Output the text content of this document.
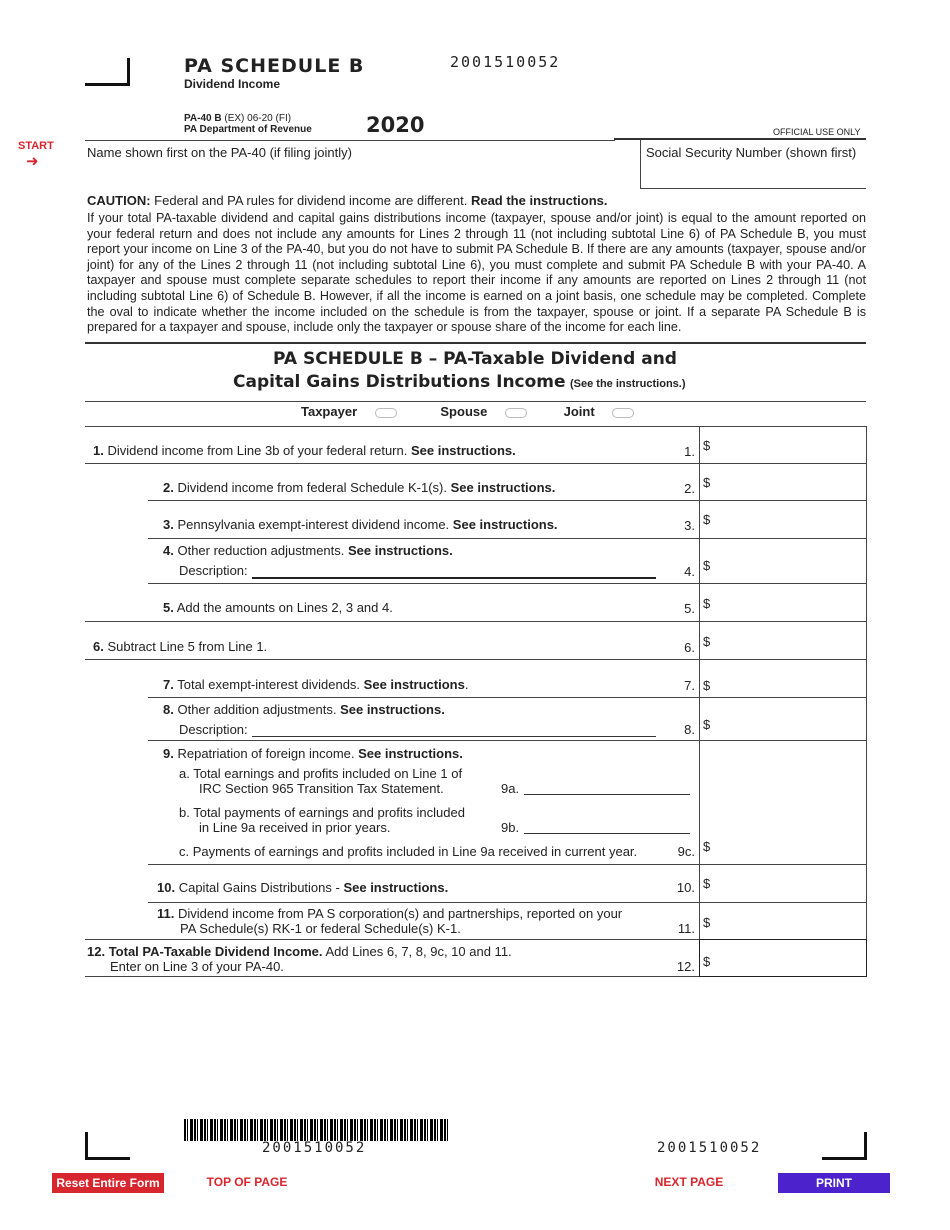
PA SCHEDULE B
Dividend Income
2001510052
PA-40 B (EX) 06-20 (FI)
PA Department of Revenue	2020	OFFICIAL USE ONLY
START
➜
Name shown first on the PA-40 (if filing jointly)	Social Security Number (shown first)
CAUTION: Federal and PA rules for dividend income are different. Read the instructions.
If your total PA-taxable dividend and capital gains distributions income (taxpayer, spouse and/or joint) is equal to the amount reported on your federal return and does not include any amounts for Lines 2 through 11 (not including subtotal Line 6) of PA Schedule B, you must report your income on Line 3 of the PA-40, but you do not have to submit PA Schedule B. If there are any amounts (taxpayer, spouse and/or joint) for any of the Lines 2 through 11 (not including subtotal Line 6), you must complete and submit PA Schedule B with your PA-40. A taxpayer and spouse must complete separate schedules to report their income if any amounts are reported on Lines 2 through 11 (not including subtotal Line 6) of Schedule B. However, if all the income is earned on a joint basis, one schedule may be completed. Complete the oval to indicate whether the income included on the schedule is from the taxpayer, spouse or joint. If a separate PA Schedule B is prepared for a taxpayer and spouse, include only the taxpayer or spouse share of the income for each line.
PA SCHEDULE B – PA-Taxable Dividend and
Capital Gains Distributions Income (See the instructions.)
Taxpayer	Spouse	Joint
1. Dividend income from Line 3b of your federal return. See instructions.	1. $
2. Dividend income from federal Schedule K-1(s). See instructions.	2. $
3. Pennsylvania exempt-interest dividend income. See instructions.	3. $
4. Other reduction adjustments. See instructions.
Description:	4. $
5. Add the amounts on Lines 2, 3 and 4.	5. $
6. Subtract Line 5 from Line 1.	6. $
7. Total exempt-interest dividends. See instructions.	7. $
8. Other addition adjustments. See instructions.
Description:	8. $
9. Repatriation of foreign income. See instructions.
a. Total earnings and profits included on Line 1 of
IRC Section 965 Transition Tax Statement.	9a.
b. Total payments of earnings and profits included
in Line 9a received in prior years.	9b.
c. Payments of earnings and profits included in Line 9a received in current year.	9c. $
10. Capital Gains Distributions - See instructions.	10. $
11. Dividend income from PA S corporation(s) and partnerships, reported on your
PA Schedule(s) RK-1 or federal Schedule(s) K-1.	11. $
12. Total PA-Taxable Dividend Income. Add Lines 6, 7, 8, 9c, 10 and 11.
Enter on Line 3 of your PA-40.	12. $
2001510052	2001510052
Reset Entire Form	TOP OF PAGE	NEXT PAGE	PRINT
